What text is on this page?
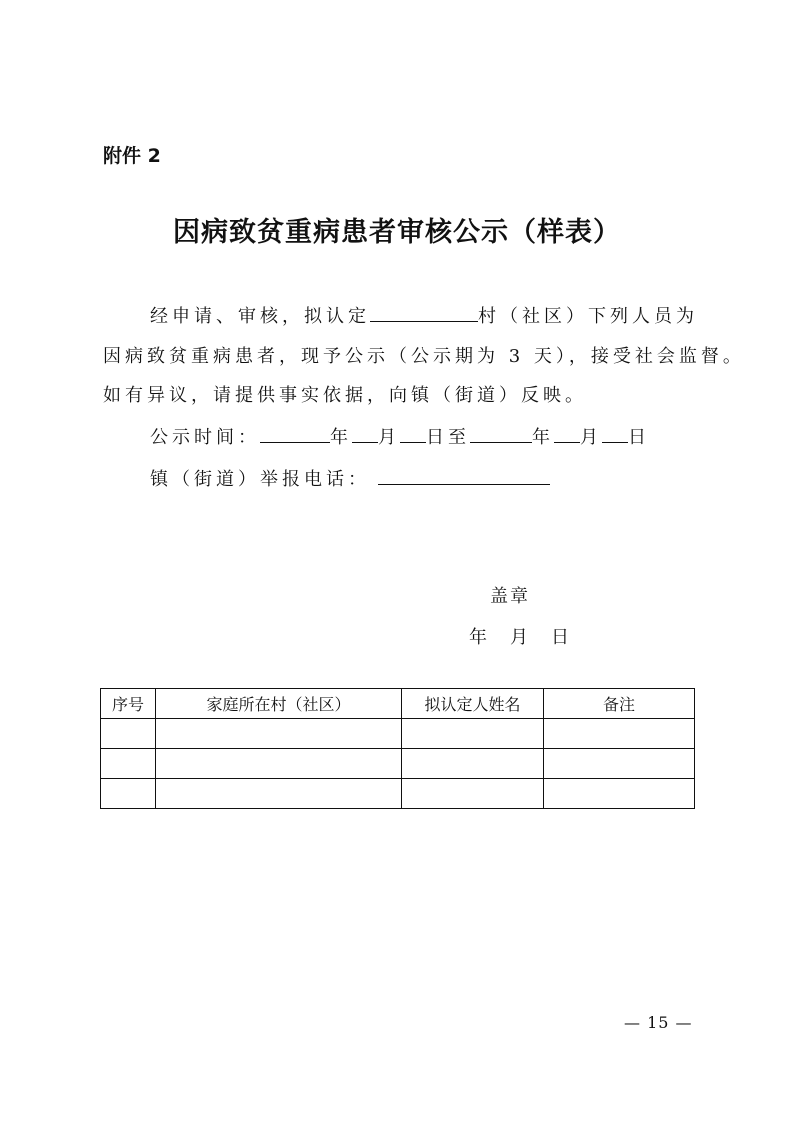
附件 2
因病致贫重病患者审核公示（样表）
经申请、审核，拟认定	村（社区）下列人员为
因病致贫重病患者，现予公示（公示期为 3 天），接受社会监督。
如有异议，请提供事实依据，向镇（街道）反映。
公示时间：	年 月 日至	年 月 日
镇（街道）举报电话：
盖章
年 月 日
序号	家庭所在村（社区）	拟认定人姓名	备注

— 15 —
